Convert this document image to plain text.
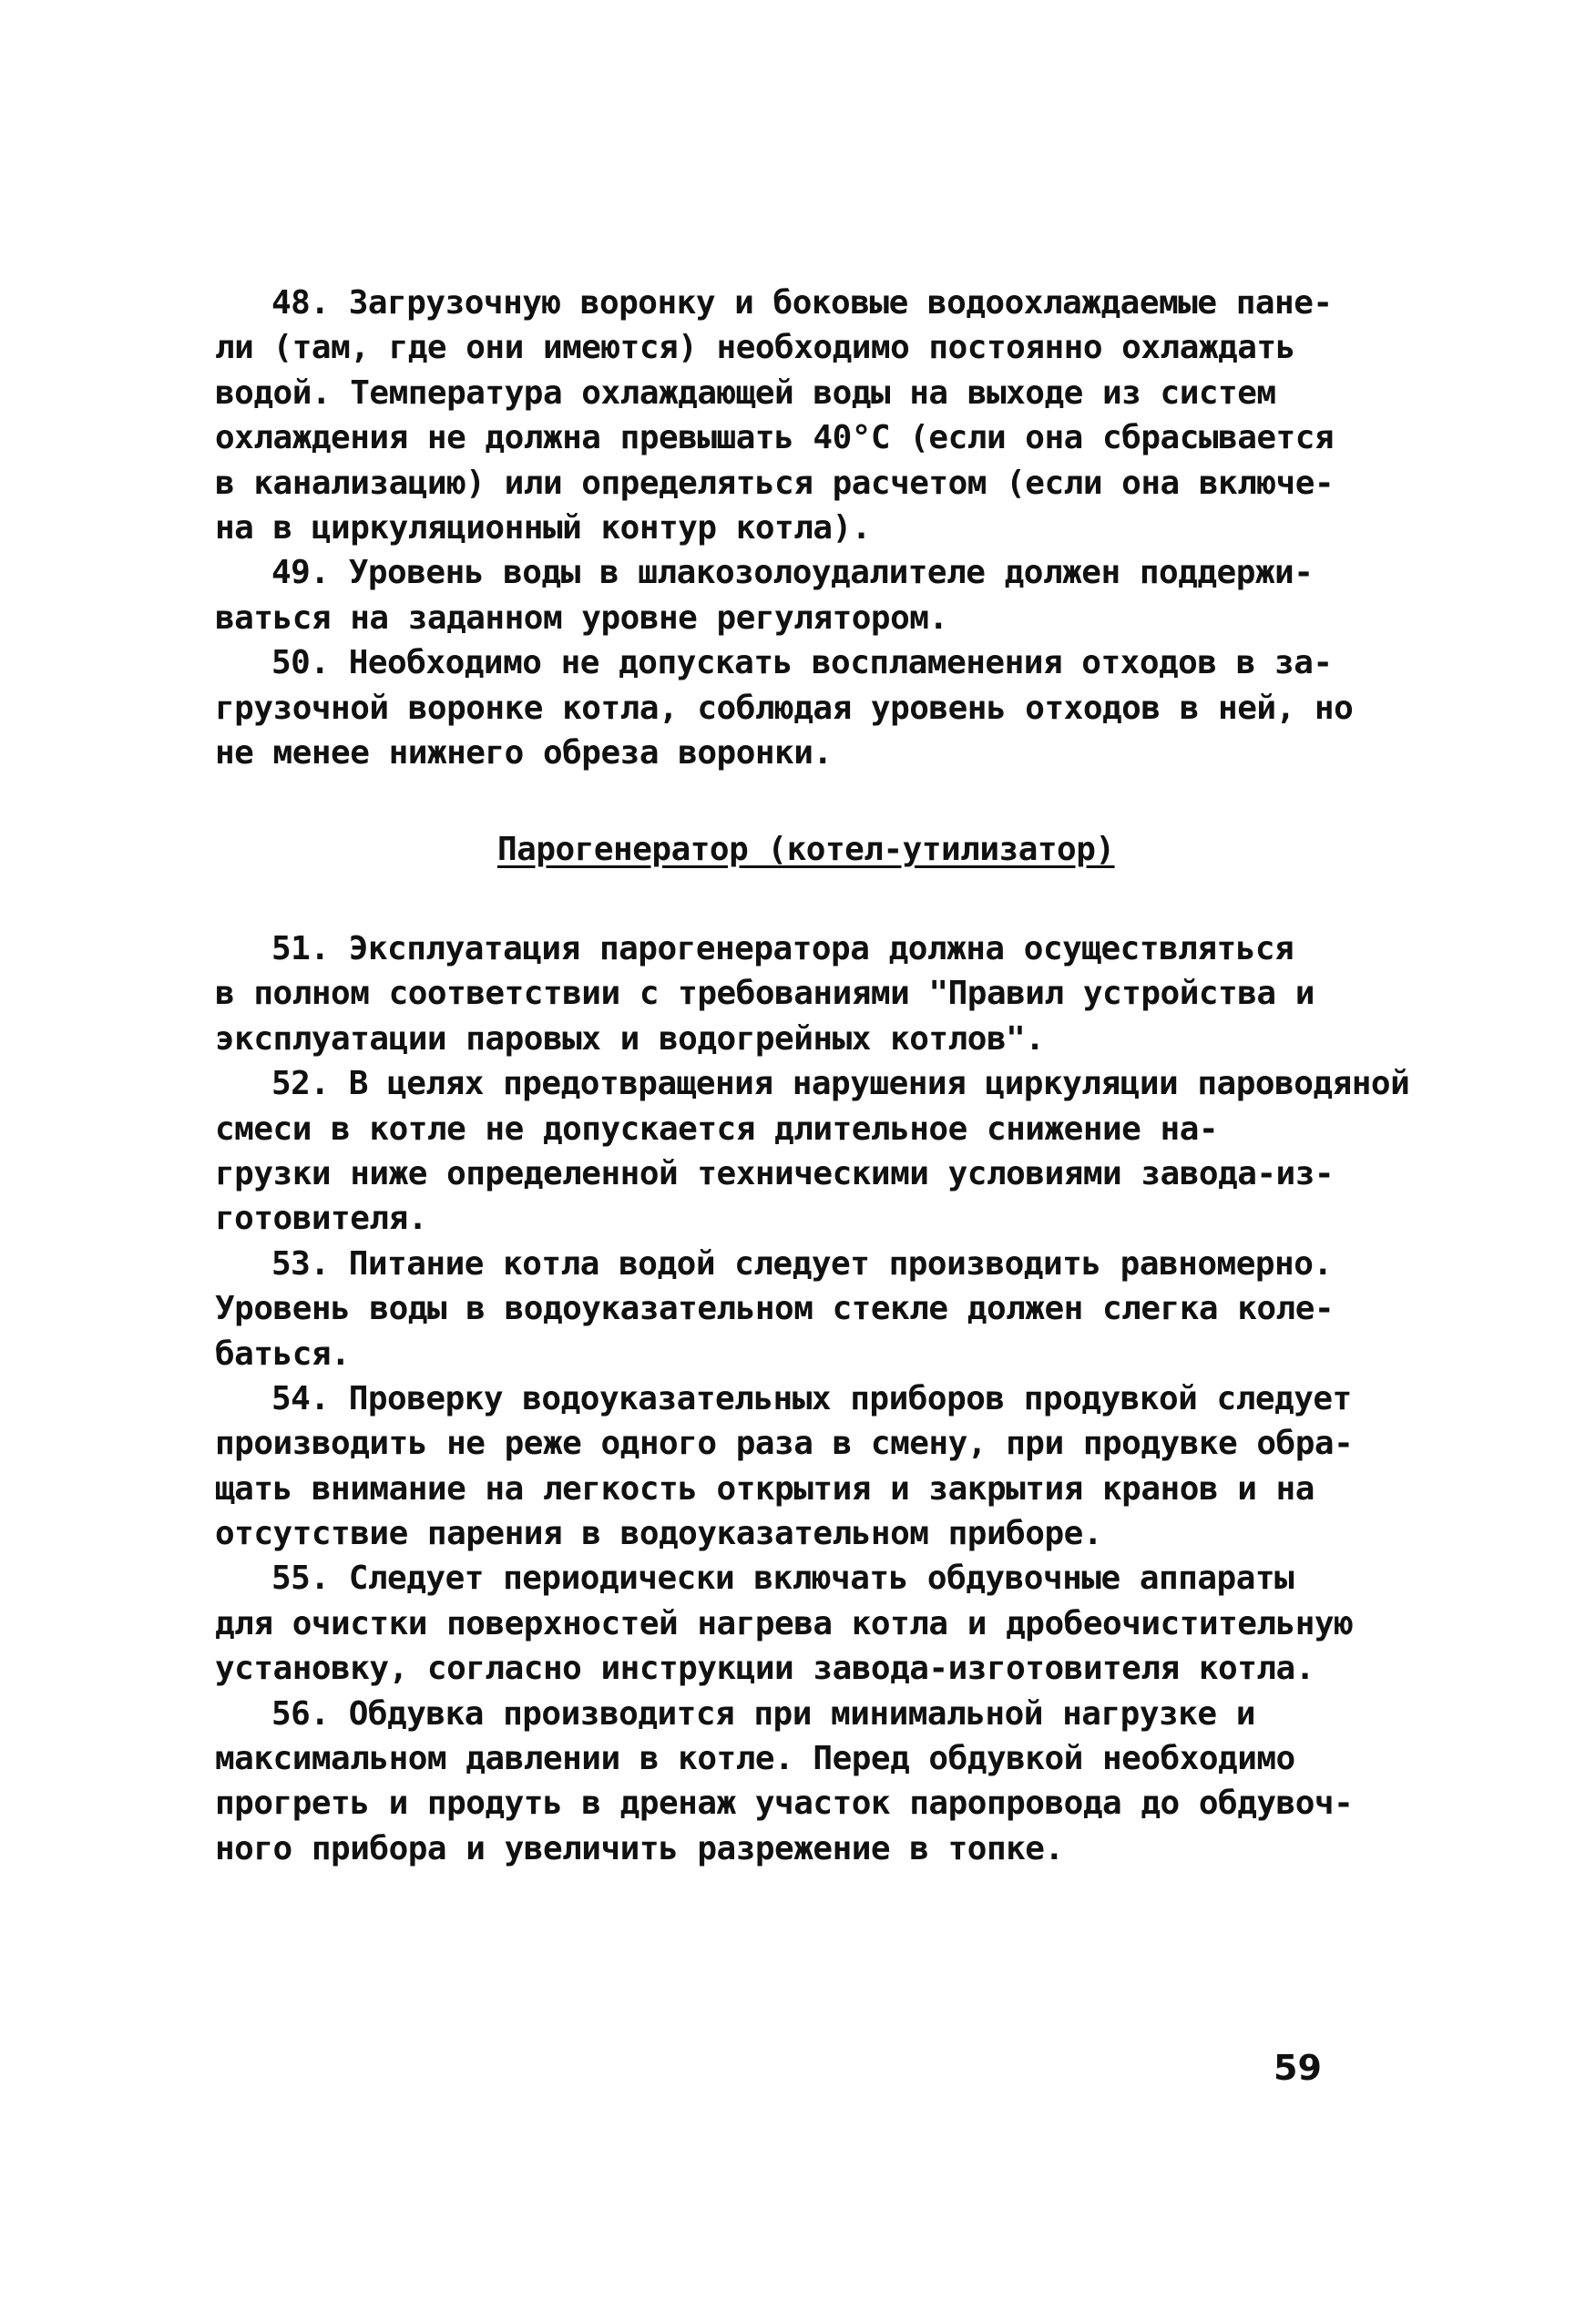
48. Загрузочную воронку и боковые водоохлаждаемые пане-
ли (там, где они имеются) необходимо постоянно охлаждать
водой. Температура охлаждающей воды на выходе из систем
охлаждения не должна превышать 40°С (если она сбрасывается
в канализацию) или определяться расчетом (если она включе-
на в циркуляционный контур котла).
49. Уровень воды в шлакозолоудалителе должен поддержи-
ваться на заданном уровне регулятором.
50. Необходимо не допускать воспламенения отходов в за-
грузочной воронке котла, соблюдая уровень отходов в ней, но
не менее нижнего обреза воронки.
Парогенератор (котел-утилизатор)
51. Эксплуатация парогенератора должна осуществляться
в полном соответствии с требованиями "Правил устройства и
эксплуатации паровых и водогрейных котлов".
52. В целях предотвращения нарушения циркуляции пароводяной
смеси в котле не допускается длительное снижение на-
грузки ниже определенной техническими условиями завода-из-
готовителя.
53. Питание котла водой следует производить равномерно.
Уровень воды в водоуказательном стекле должен слегка коле-
баться.
54. Проверку водоуказательных приборов продувкой следует
производить не реже одного раза в смену, при продувке обра-
щать внимание на легкость открытия и закрытия кранов и на
отсутствие парения в водоуказательном приборе.
55. Следует периодически включать обдувочные аппараты
для очистки поверхностей нагрева котла и дробеочистительную
установку, согласно инструкции завода-изготовителя котла.
56. Обдувка производится при минимальной нагрузке и
максимальном давлении в котле. Перед обдувкой необходимо
прогреть и продуть в дренаж участок паропровода до обдувоч-
ного прибора и увеличить разрежение в топке.
59
